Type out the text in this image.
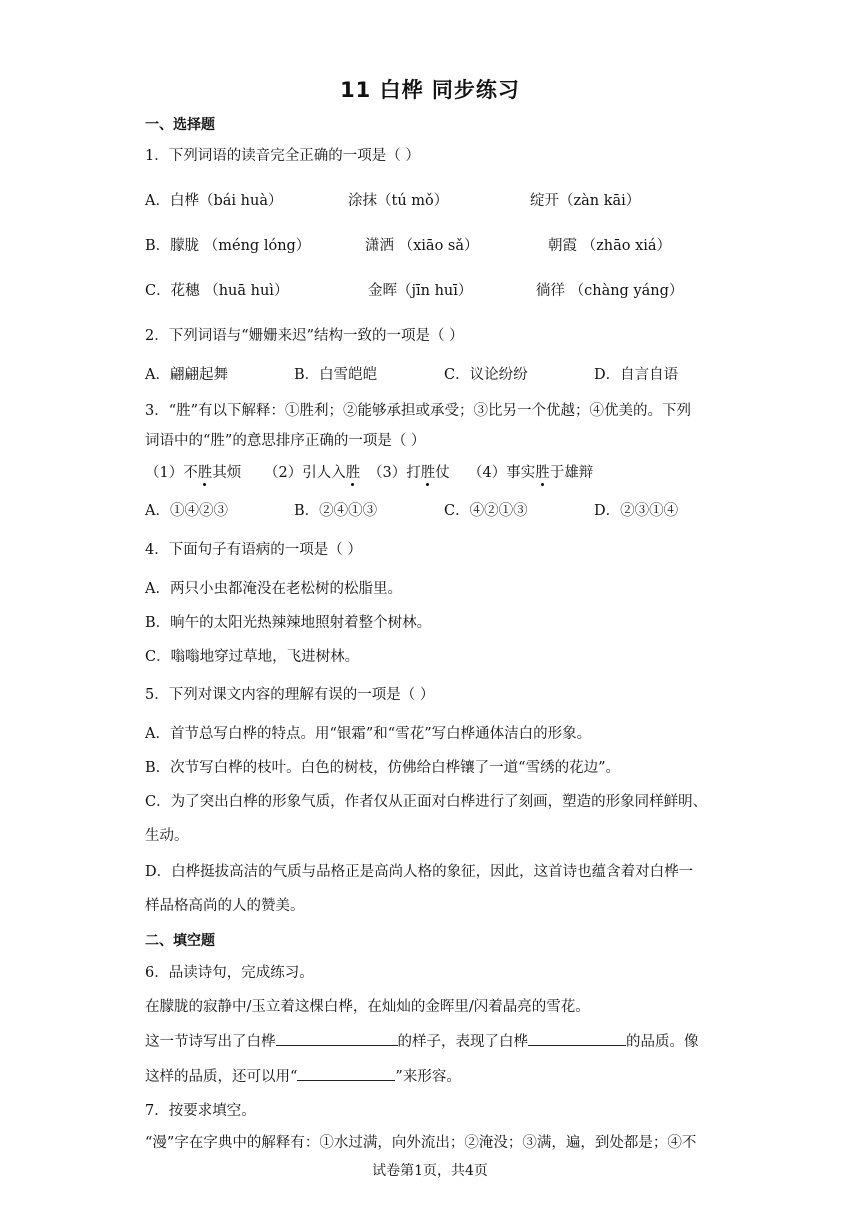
11 白桦 同步练习
一、选择题
1．下列词语的读音完全正确的一项是（ ）
A．白桦（bái huà）	涂抹（tú mǒ）	绽开（zàn kāi）
B．朦胧 （méng lóng）	潇洒 （xiāo sǎ）	朝霞 （zhāo xiá）
C．花穗 （huā huì）	金晖（jīn huī）	徜徉 （chàng yáng）
2．下列词语与“姗姗来迟”结构一致的一项是（ ）
A．翩翩起舞	B．白雪皑皑	C．议论纷纷	D．自言自语
3．“胜”有以下解释：①胜利；②能够承担或承受；③比另一个优越；④优美的。下列
词语中的“胜”的意思排序正确的一项是（ ）
（1）不胜其烦 （2）引人入胜 （3）打胜仗 （4）事实胜于雄辩
A．①④②③	B．②④①③	C．④②①③	D．②③①④
4．下面句子有语病的一项是（ ）
A．两只小虫都淹没在老松树的松脂里。
B．晌午的太阳光热辣辣地照射着整个树林。
C．嗡嗡地穿过草地，飞进树林。
5．下列对课文内容的理解有误的一项是（ ）
A．首节总写白桦的特点。用“银霜”和“雪花”写白桦通体洁白的形象。
B．次节写白桦的枝叶。白色的树枝，仿佛给白桦镶了一道“雪绣的花边”。
C．为了突出白桦的形象气质，作者仅从正面对白桦进行了刻画，塑造的形象同样鲜明、
生动。
D．白桦挺拔高洁的气质与品格正是高尚人格的象征，因此，这首诗也蕴含着对白桦一
样品格高尚的人的赞美。
二、填空题
6．品读诗句，完成练习。
在朦胧的寂静中/玉立着这棵白桦，在灿灿的金晖里/闪着晶亮的雪花。
这一节诗写出了白桦	的样子，表现了白桦	的品质。像
这样的品质，还可以用“	”来形容。
7．按要求填空。
“漫”字在字典中的解释有：①水过满，向外流出；②淹没；③满，遍，到处都是；④不
试卷第1页，共4页
